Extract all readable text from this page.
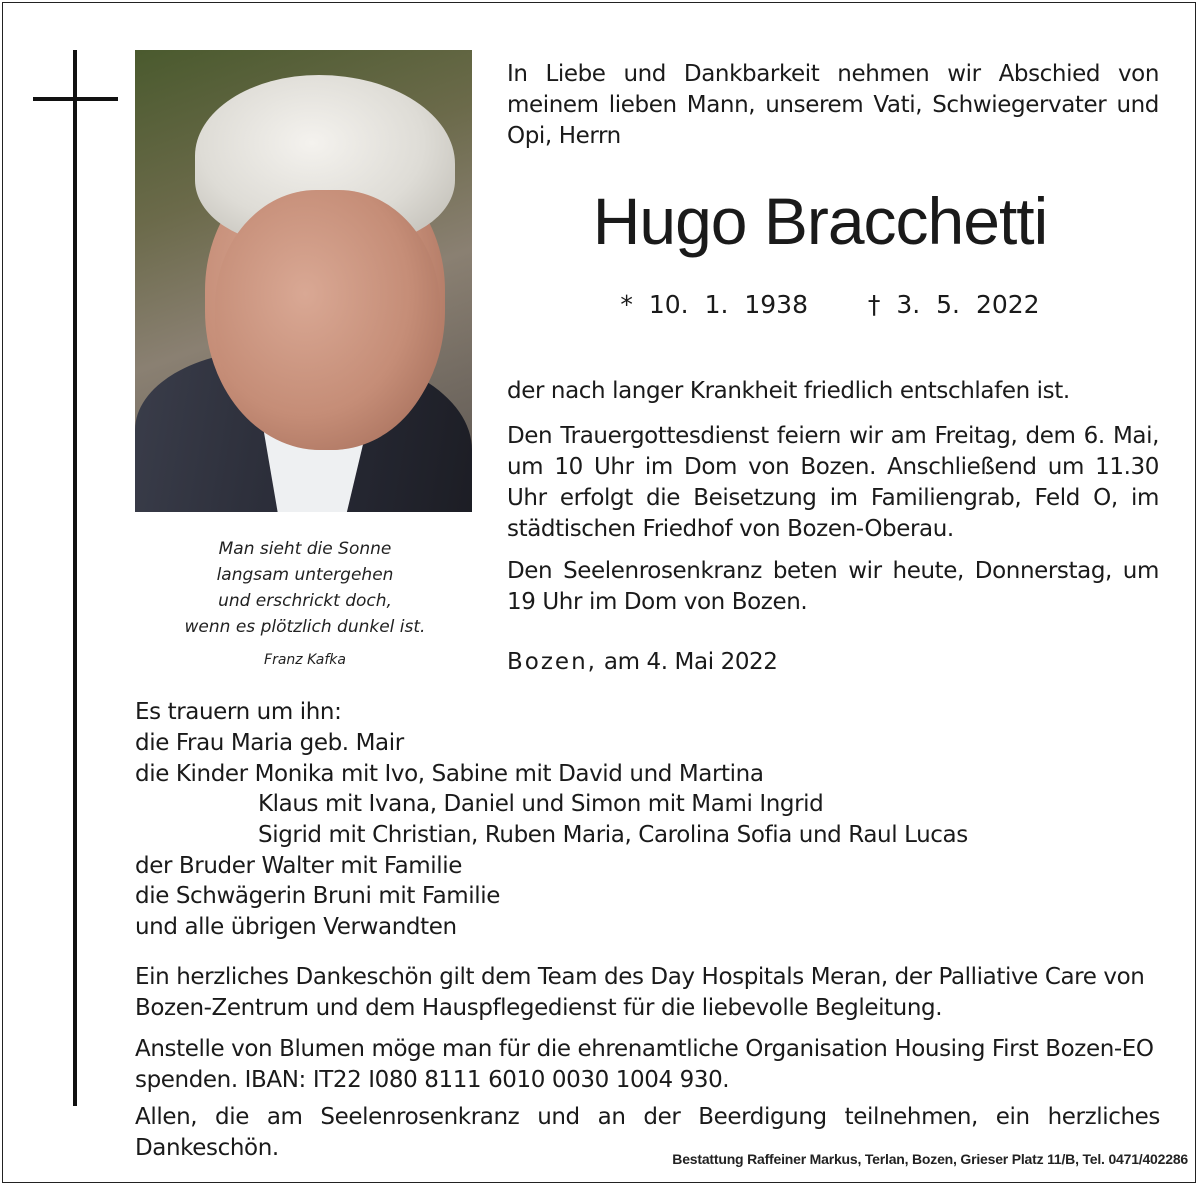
Man sieht die Sonne
langsam untergehen
und erschrickt doch,
wenn es plötzlich dunkel ist.
Franz Kafka
In Liebe und Dankbarkeit nehmen wir Abschied von meinem lieben Mann, unserem Vati, Schwiegervater und Opi, Herrn
Hugo Bracchetti
* 10. 1. 1938 † 3. 5. 2022
der nach langer Krankheit friedlich entschlafen ist.
Den Trauergottesdienst feiern wir am Freitag, dem 6. Mai, um 10 Uhr im Dom von Bozen. Anschließend um 11.30 Uhr erfolgt die Beisetzung im Familiengrab, Feld O, im städtischen Friedhof von Bozen-Oberau.
Den Seelenrosenkranz beten wir heute, Donnerstag, um 19 Uhr im Dom von Bozen.
Bozen, am 4. Mai 2022
Es trauern um ihn:
die Frau Maria geb. Mair
die Kinder Monika mit Ivo, Sabine mit David und Martina
Klaus mit Ivana, Daniel und Simon mit Mami Ingrid
Sigrid mit Christian, Ruben Maria, Carolina Sofia und Raul Lucas
der Bruder Walter mit Familie
die Schwägerin Bruni mit Familie
und alle übrigen Verwandten
Ein herzliches Dankeschön gilt dem Team des Day Hospitals Meran, der Palliative Care von Bozen-Zentrum und dem Hauspflegedienst für die liebevolle Begleitung.
Anstelle von Blumen möge man für die ehrenamtliche Organisation Housing First Bozen-EO spenden. IBAN: IT22 I080 8111 6010 0030 1004 930.
Allen, die am Seelenrosenkranz und an der Beerdigung teilnehmen, ein herzliches Dankeschön.	Bestattung Raffeiner Markus, Terlan, Bozen, Grieser Platz 11/B, Tel. 0471/402286
